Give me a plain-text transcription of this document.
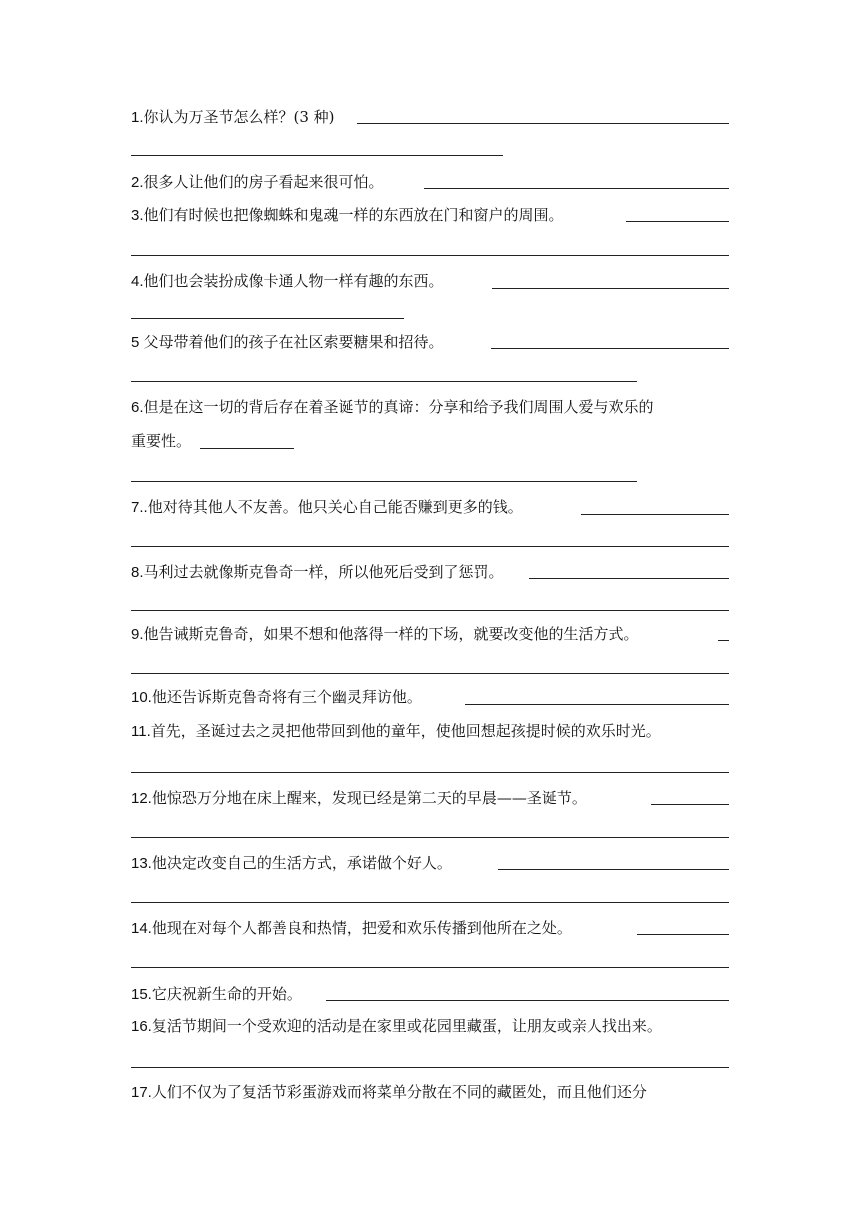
1.你认为万圣节怎么样？(3 种)
2.很多人让他们的房子看起来很可怕。
3.他们有时候也把像蜘蛛和鬼魂一样的东西放在门和窗户的周围。
4.他们也会装扮成像卡通人物一样有趣的东西。
5 父母带着他们的孩子在社区索要糖果和招待。
6.但是在这一切的背后存在着圣诞节的真谛：分享和给予我们周围人爱与欢乐的
重要性。
7..他对待其他人不友善。他只关心自己能否赚到更多的钱。
8.马利过去就像斯克鲁奇一样，所以他死后受到了惩罚。
9.他告诫斯克鲁奇，如果不想和他落得一样的下场，就要改变他的生活方式。
10.他还告诉斯克鲁奇将有三个幽灵拜访他。
11.首先，圣诞过去之灵把他带回到他的童年，使他回想起孩提时候的欢乐时光。
12.他惊恐万分地在床上醒来，发现已经是第二天的早晨——圣诞节。
13.他决定改变自己的生活方式，承诺做个好人。
14.他现在对每个人都善良和热情，把爱和欢乐传播到他所在之处。
15.它庆祝新生命的开始。
16.复活节期间一个受欢迎的活动是在家里或花园里藏蛋，让朋友或亲人找出来。
17.人们不仅为了复活节彩蛋游戏而将菜单分散在不同的藏匿处，而且他们还分
